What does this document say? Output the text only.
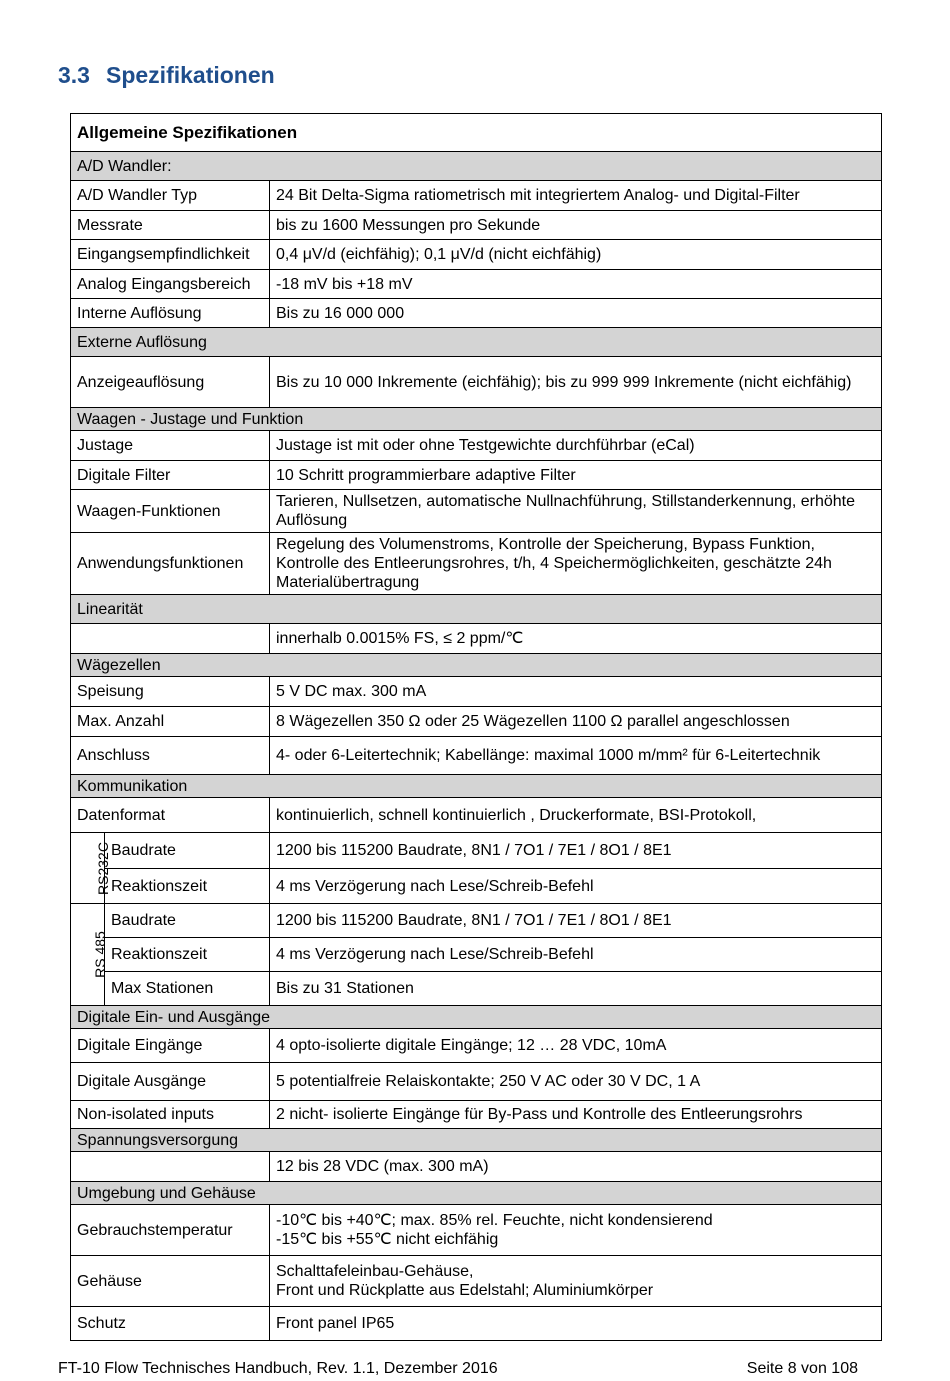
3.3 Spezifikationen
Allgemeine Spezifikationen		
A/D Wandler:		
A/D Wandler Typ		24 Bit Delta-Sigma ratiometrisch mit integriertem Analog- und Digital-Filter
Messrate		bis zu 1600 Messungen pro Sekunde
Eingangsempfindlichkeit		0,4 μV/d (eichfähig); 0,1 μV/d (nicht eichfähig)
Analog Eingangsbereich		-18 mV bis +18 mV
Interne Auflösung		Bis zu 16 000 000
Externe Auflösung		
Anzeigeauflösung		Bis zu 10 000 Inkremente (eichfähig); bis zu 999 999 Inkremente (nicht eichfähig)
Waagen - Justage und Funktion		
Justage		Justage ist mit oder ohne Testgewichte durchführbar (eCal)
Digitale Filter		10 Schritt programmierbare adaptive Filter
Waagen-Funktionen		Tarieren, Nullsetzen, automatische Nullnachführung, Stillstanderkennung, erhöhte Auflösung
Anwendungsfunktionen		Regelung des Volumenstroms, Kontrolle der Speicherung, Bypass Funktion, Kontrolle des Entleerungsrohres, t/h, 4 Speichermöglichkeiten, geschätzte 24h Materialübertragung
Linearität		
		innerhalb 0.0015% FS, ≤ 2 ppm/℃
Wägezellen		
Speisung		5 V DC max. 300 mA
Max. Anzahl		8 Wägezellen 350 Ω oder 25 Wägezellen 1100 Ω parallel angeschlossen
Anschluss		4- oder 6-Leitertechnik; Kabellänge: maximal 1000 m/mm² für 6-Leitertechnik
Kommunikation		
Datenformat		kontinuierlich, schnell kontinuierlich , Druckerformate, BSI-Protokoll,
RS232C	Baudrate	1200 bis 115200 Baudrate, 8N1 / 7O1 / 7E1 / 8O1 / 8E1
	Reaktionszeit	4 ms Verzögerung nach Lese/Schreib-Befehl
RS 485	Baudrate	1200 bis 115200 Baudrate, 8N1 / 7O1 / 7E1 / 8O1 / 8E1
	Reaktionszeit	4 ms Verzögerung nach Lese/Schreib-Befehl
	Max Stationen	Bis zu 31 Stationen
Digitale Ein- und Ausgänge		
Digitale Eingänge		4 opto-isolierte digitale Eingänge; 12 … 28 VDC, 10mA
Digitale Ausgänge		5 potentialfreie Relaiskontakte; 250 V AC oder 30 V DC, 1 A
Non-isolated inputs		2 nicht- isolierte Eingänge für By-Pass und Kontrolle des Entleerungsrohrs
Spannungsversorgung		
		12 bis 28 VDC (max. 300 mA)
Umgebung und Gehäuse		
Gebrauchstemperatur		-10℃ bis +40℃; max. 85% rel. Feuchte, nicht kondensierend
-15℃ bis +55℃ nicht eichfähig

Gehäuse		Schalttafeleinbau-Gehäuse,
Front und Rückplatte aus Edelstahl; Aluminiumkörper

Schutz		Front panel IP65
FT-10 Flow Technisches Handbuch, Rev. 1.1, Dezember 2016	Seite 8 von 108
